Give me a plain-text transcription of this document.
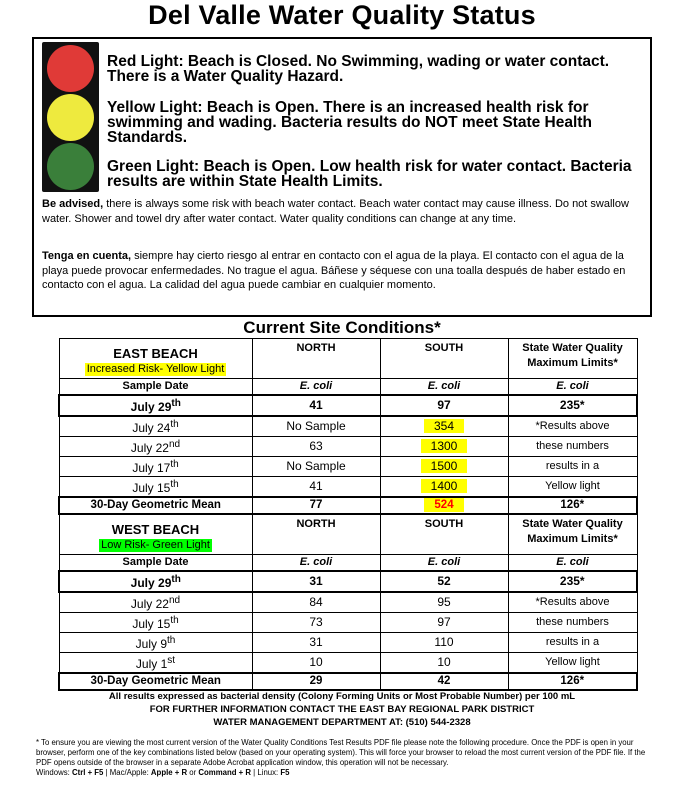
Del Valle Water Quality Status
Red Light: Beach is Closed. No Swimming, wading or water contact. There is a Water Quality Hazard.
Yellow Light: Beach is Open. There is an increased health risk for swimming and wading. Bacteria results do NOT meet State Health Standards.
Green Light: Beach is Open. Low health risk for water contact. Bacteria results are within State Health Limits.
Be advised, there is always some risk with beach water contact. Beach water contact may cause illness. Do not swallow water. Shower and towel dry after water contact. Water quality conditions can change at any time.
Tenga en cuenta, siempre hay cierto riesgo al entrar en contacto con el agua de la playa. El contacto con el agua de la playa puede provocar enfermedades. No trague el agua. Báñese y séquese con una toalla después de haber estado en contacto con el agua. La calidad del agua puede cambiar en cualquier momento.
Current Site Conditions*
EAST BEACH
Increased Risk- Yellow Light	NORTH	SOUTH	State Water Quality Maximum Limits*
Sample Date	E. coli	E. coli	E. coli
July 29th	41	97	235*
July 24th	No Sample	354	*Results above
July 22nd	63	1300	these numbers
July 17th	No Sample	1500	results in a
July 15th	41	1400	Yellow light
30-Day Geometric Mean	77	524	126*
WEST BEACH
Low Risk- Green Light	NORTH	SOUTH	State Water Quality Maximum Limits*
Sample Date	E. coli	E. coli	E. coli
July 29th	31	52	235*
July 22nd	84	95	*Results above
July 15th	73	97	these numbers
July 9th	31	110	results in a
July 1st	10	10	Yellow light
30-Day Geometric Mean	29	42	126*
All results expressed as bacterial density (Colony Forming Units or Most Probable Number) per 100 mL
FOR FURTHER INFORMATION CONTACT THE EAST BAY REGIONAL PARK DISTRICT
WATER MANAGEMENT DEPARTMENT AT: (510) 544-2328
* To ensure you are viewing the most current version of the Water Quality Conditions Test Results PDF file please note the following procedure. Once the PDF is open in your browser, perform one of the key combinations listed below (based on your operating system). This will force your browser to reload the most current version of the PDF file. If the PDF opens outside of the browser in a separate Adobe Acrobat application window, this operation will not be necessary.
Windows: Ctrl + F5 | Mac/Apple: Apple + R or Command + R | Linux: F5
